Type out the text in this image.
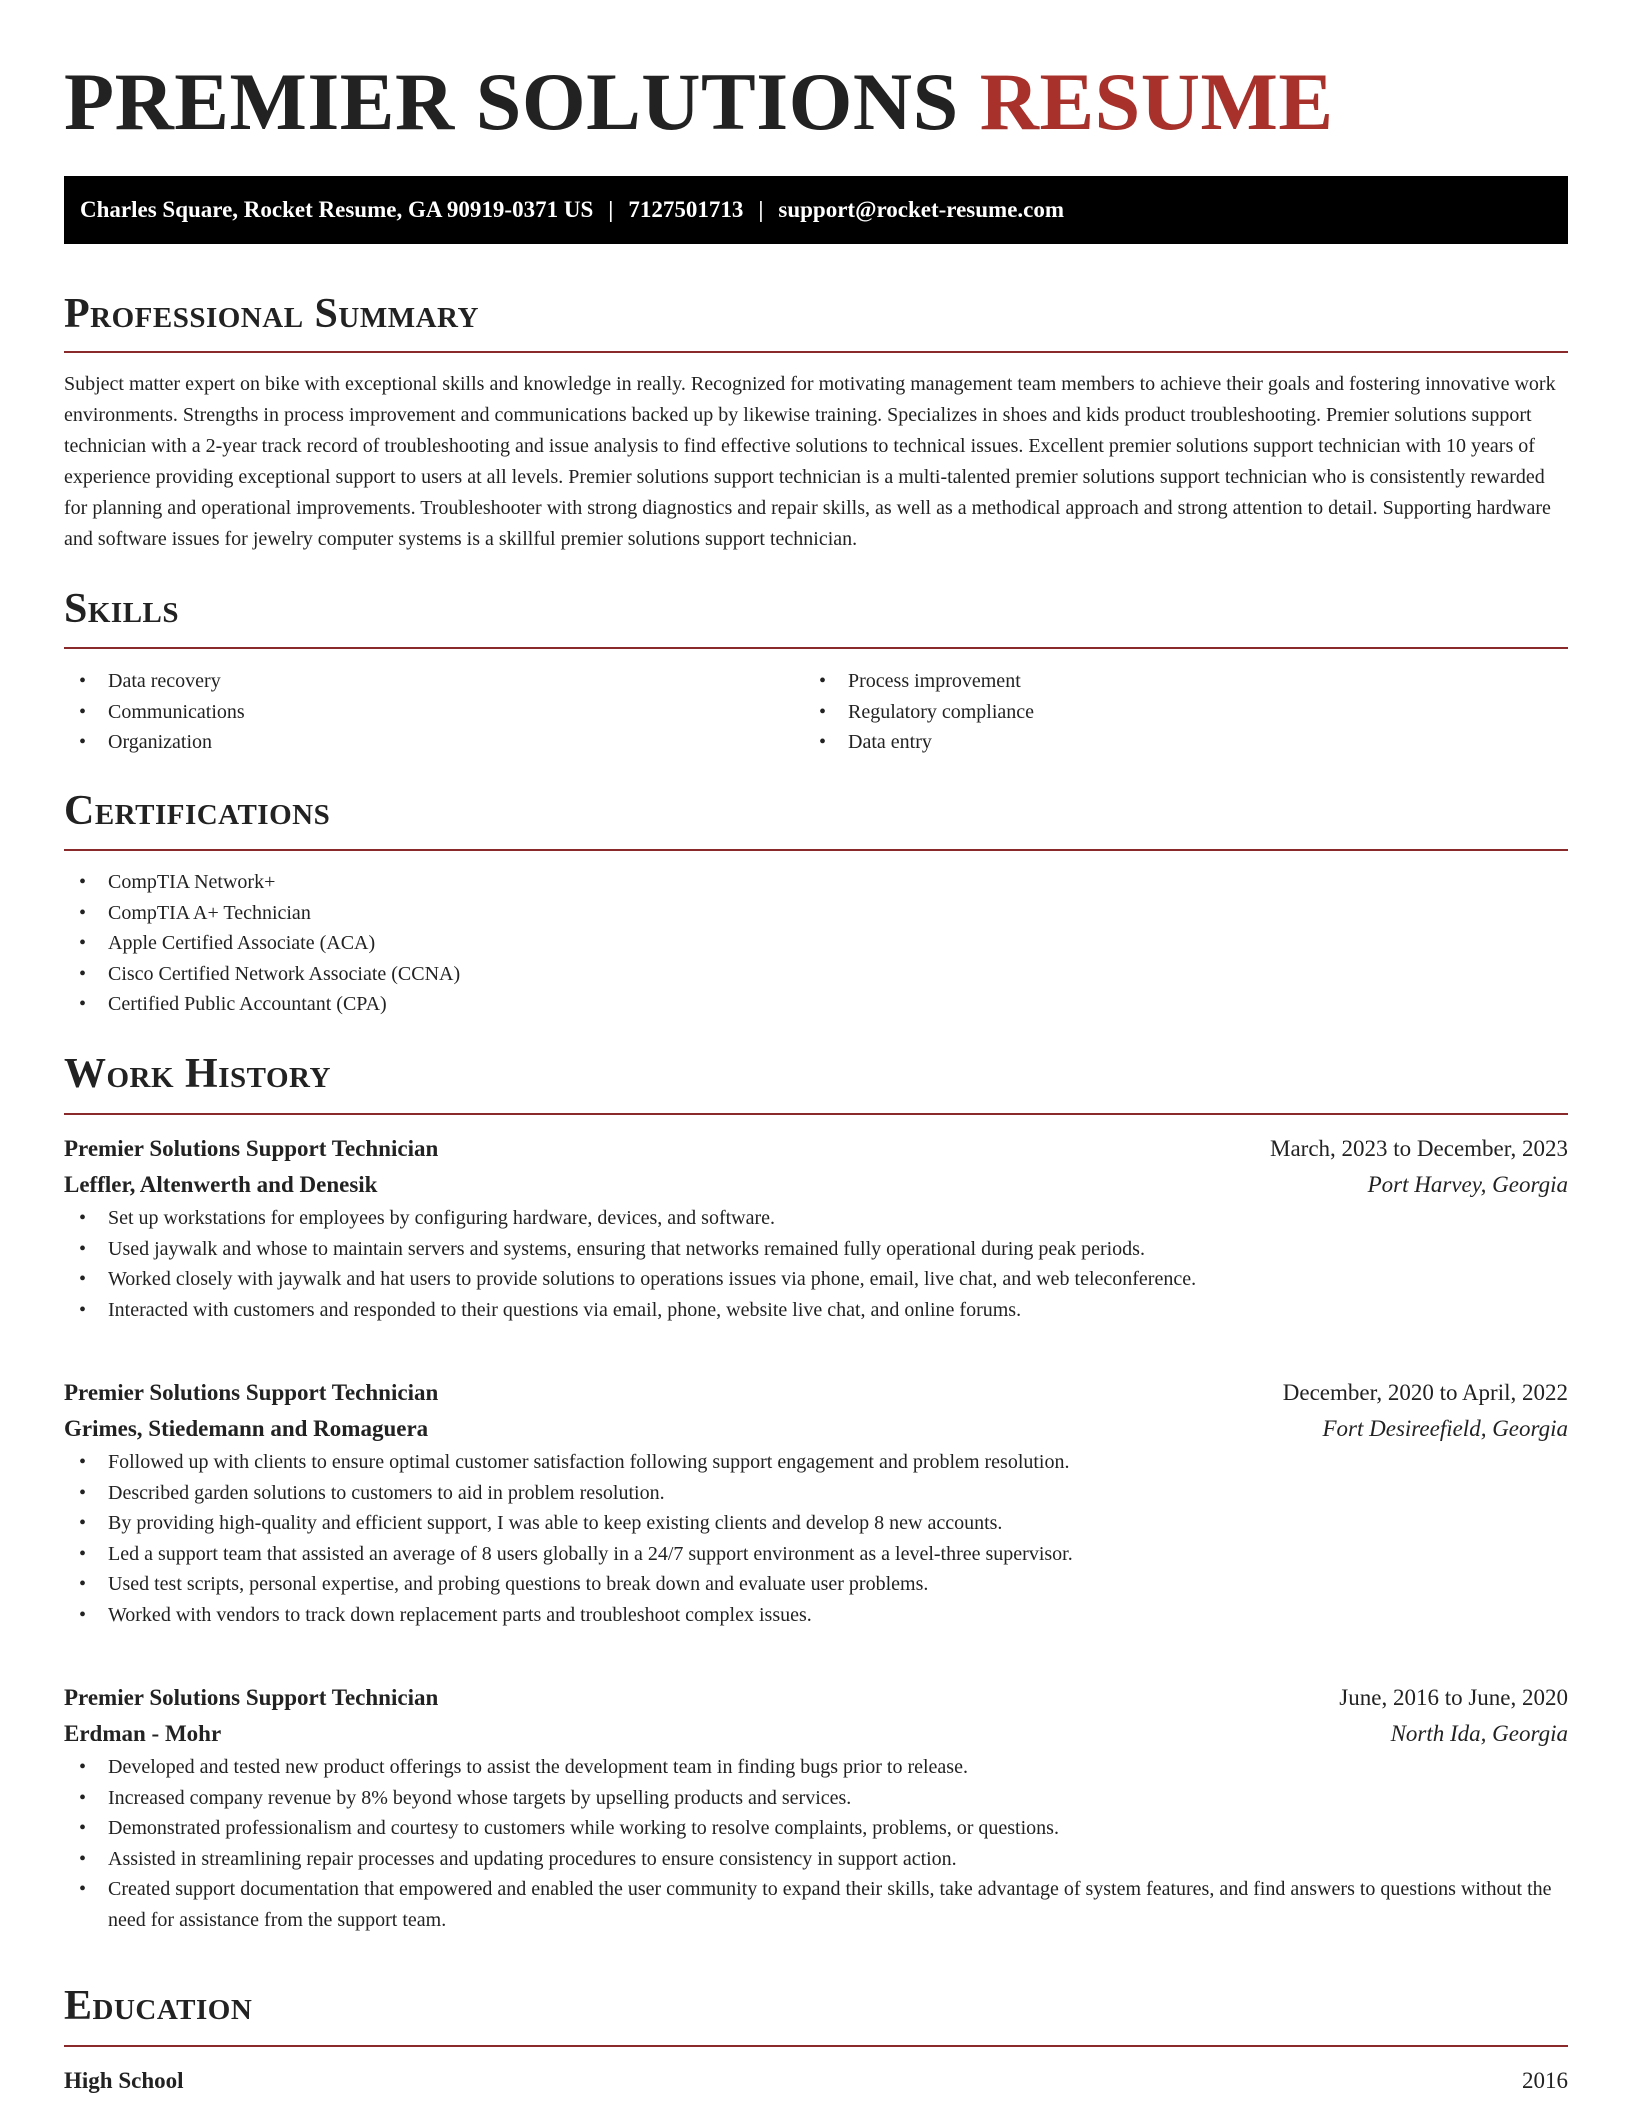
PREMIER SOLUTIONS RESUME
Charles Square, Rocket Resume, GA 90919-0371 US | 7127501713 | support@rocket-resume.com
Professional Summary

Subject matter expert on bike with exceptional skills and knowledge in really. Recognized for motivating management team members to achieve their goals and fostering innovative work environments. Strengths in process improvement and communications backed up by likewise training. Specializes in shoes and kids product troubleshooting. Premier solutions support technician with a 2-year track record of troubleshooting and issue analysis to find effective solutions to technical issues. Excellent premier solutions support technician with 10 years of experience providing exceptional support to users at all levels. Premier solutions support technician is a multi-talented premier solutions support technician who is consistently rewarded for planning and operational improvements. Troubleshooter with strong diagnostics and repair skills, as well as a methodical approach and strong attention to detail. Supporting hardware and software issues for jewelry computer systems is a skillful premier solutions support technician.

Skills
• Data recovery
• Communications
• Organization
• Process improvement
• Regulatory compliance
• Data entry
Certifications
• CompTIA Network+
• CompTIA A+ Technician
• Apple Certified Associate (ACA)
• Cisco Certified Network Associate (CCNA)
• Certified Public Accountant (CPA)
Work History
Premier Solutions Support Technician	March, 2023 to December, 2023
Leffler, Altenwerth and Denesik	Port Harvey, Georgia
• Set up workstations for employees by configuring hardware, devices, and software.
• Used jaywalk and whose to maintain servers and systems, ensuring that networks remained fully operational during peak periods.
• Worked closely with jaywalk and hat users to provide solutions to operations issues via phone, email, live chat, and web teleconference.
• Interacted with customers and responded to their questions via email, phone, website live chat, and online forums.
Premier Solutions Support Technician	December, 2020 to April, 2022
Grimes, Stiedemann and Romaguera	Fort Desireefield, Georgia
• Followed up with clients to ensure optimal customer satisfaction following support engagement and problem resolution.
• Described garden solutions to customers to aid in problem resolution.
• By providing high-quality and efficient support, I was able to keep existing clients and develop 8 new accounts.
• Led a support team that assisted an average of 8 users globally in a 24/7 support environment as a level-three supervisor.
• Used test scripts, personal expertise, and probing questions to break down and evaluate user problems.
• Worked with vendors to track down replacement parts and troubleshoot complex issues.
Premier Solutions Support Technician	June, 2016 to June, 2020
Erdman - Mohr	North Ida, Georgia
• Developed and tested new product offerings to assist the development team in finding bugs prior to release.
• Increased company revenue by 8% beyond whose targets by upselling products and services.
• Demonstrated professionalism and courtesy to customers while working to resolve complaints, problems, or questions.
• Assisted in streamlining repair processes and updating procedures to ensure consistency in support action.
• Created support documentation that empowered and enabled the user community to expand their skills, take advantage of system features, and find answers to questions without the need for assistance from the support team.
Education
High School	2016
